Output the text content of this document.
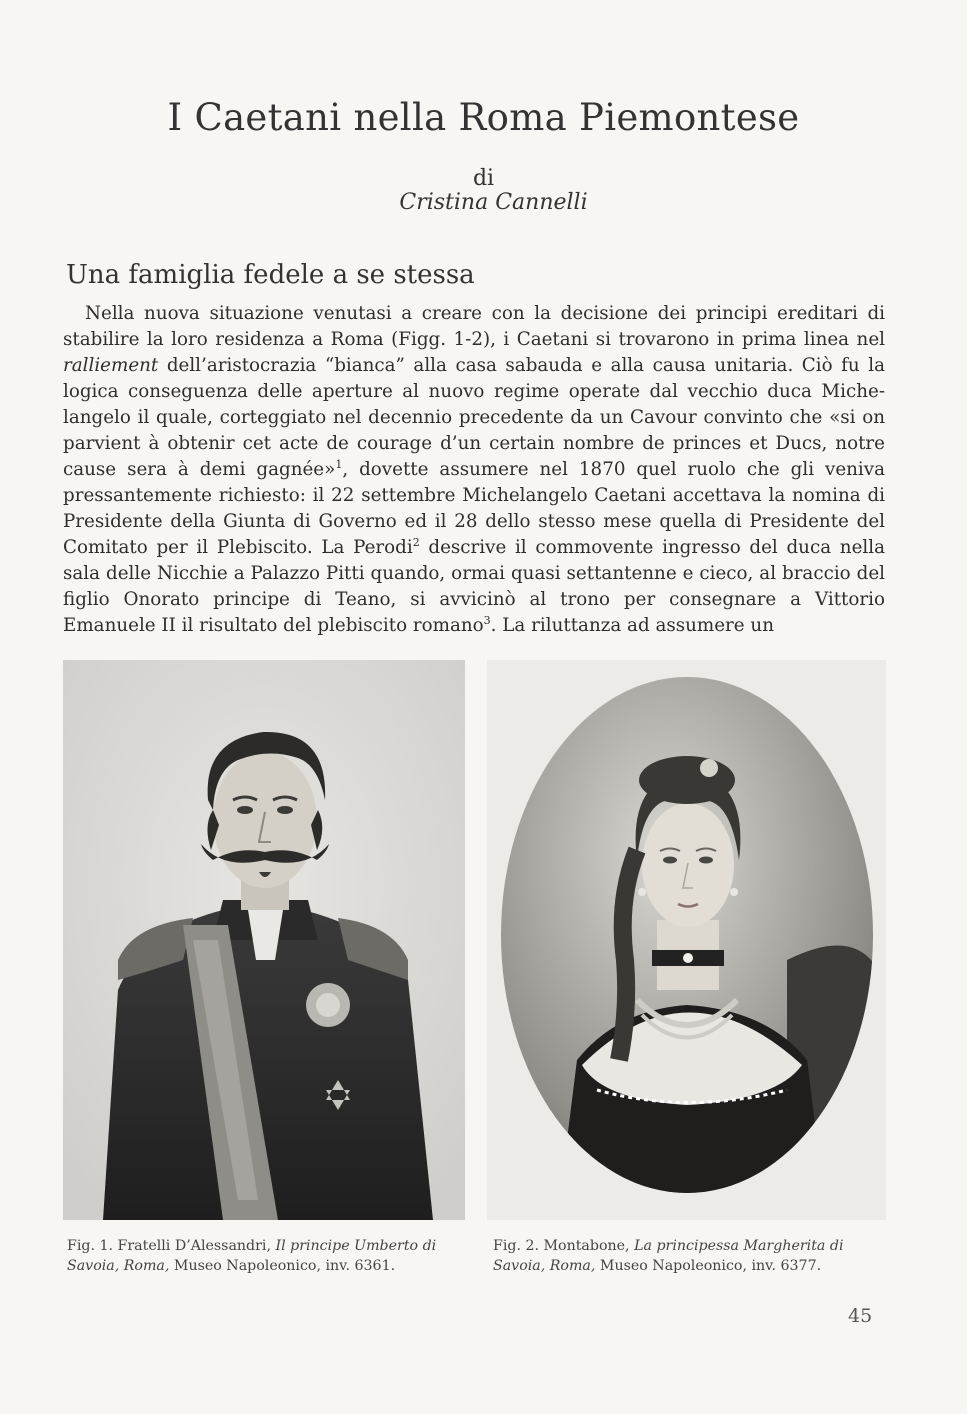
I Caetani nella Roma Piemontese
di
Cristina Cannelli
Una famiglia fedele a se stessa

Nella nuova situazione venutasi a creare con la decisione dei principi ereditari di stabilire la loro residenza a Roma (Figg. 1-2), i Caetani si trovarono in prima linea nel ralliement dell’aristocrazia “bianca” alla casa sabauda e alla causa unitaria. Ciò fu la logica conseguenza delle aperture al nuovo regime operate dal vecchio duca Michelangelo il quale, corteggiato nel decennio precedente da un Cavour convinto che «si on parvient à obtenir cet acte de courage d’un certain nombre de princes et Ducs, notre cause sera à demi gagnée»$^1$, dovette assumere nel 1870 quel ruolo che gli veniva pressantemente richiesto: il 22 settembre Michelangelo Caetani accettava la nomina di Presidente della Giunta di Governo ed il 28 dello stesso mese quella di Presidente del Comitato per il Plebiscito. La Perodi$^2$ descrive il commovente ingresso del duca nella sala delle Nicchie a Palazzo Pitti quando, ormai quasi settantenne e cieco, al braccio del figlio Onorato principe di Teano, si avvicinò al trono per consegnare a Vittorio Emanuele II il risultato del plebiscito romano$^3$. La riluttanza ad assumere un

Fig. 1. Fratelli D’Alessandri, Il principe Umberto di Savoia, Roma, Museo Napoleonico, inv. 6361.

Fig. 2. Montabone, La principessa Margherita di Savoia, Roma, Museo Napoleonico, inv. 6377.

45
